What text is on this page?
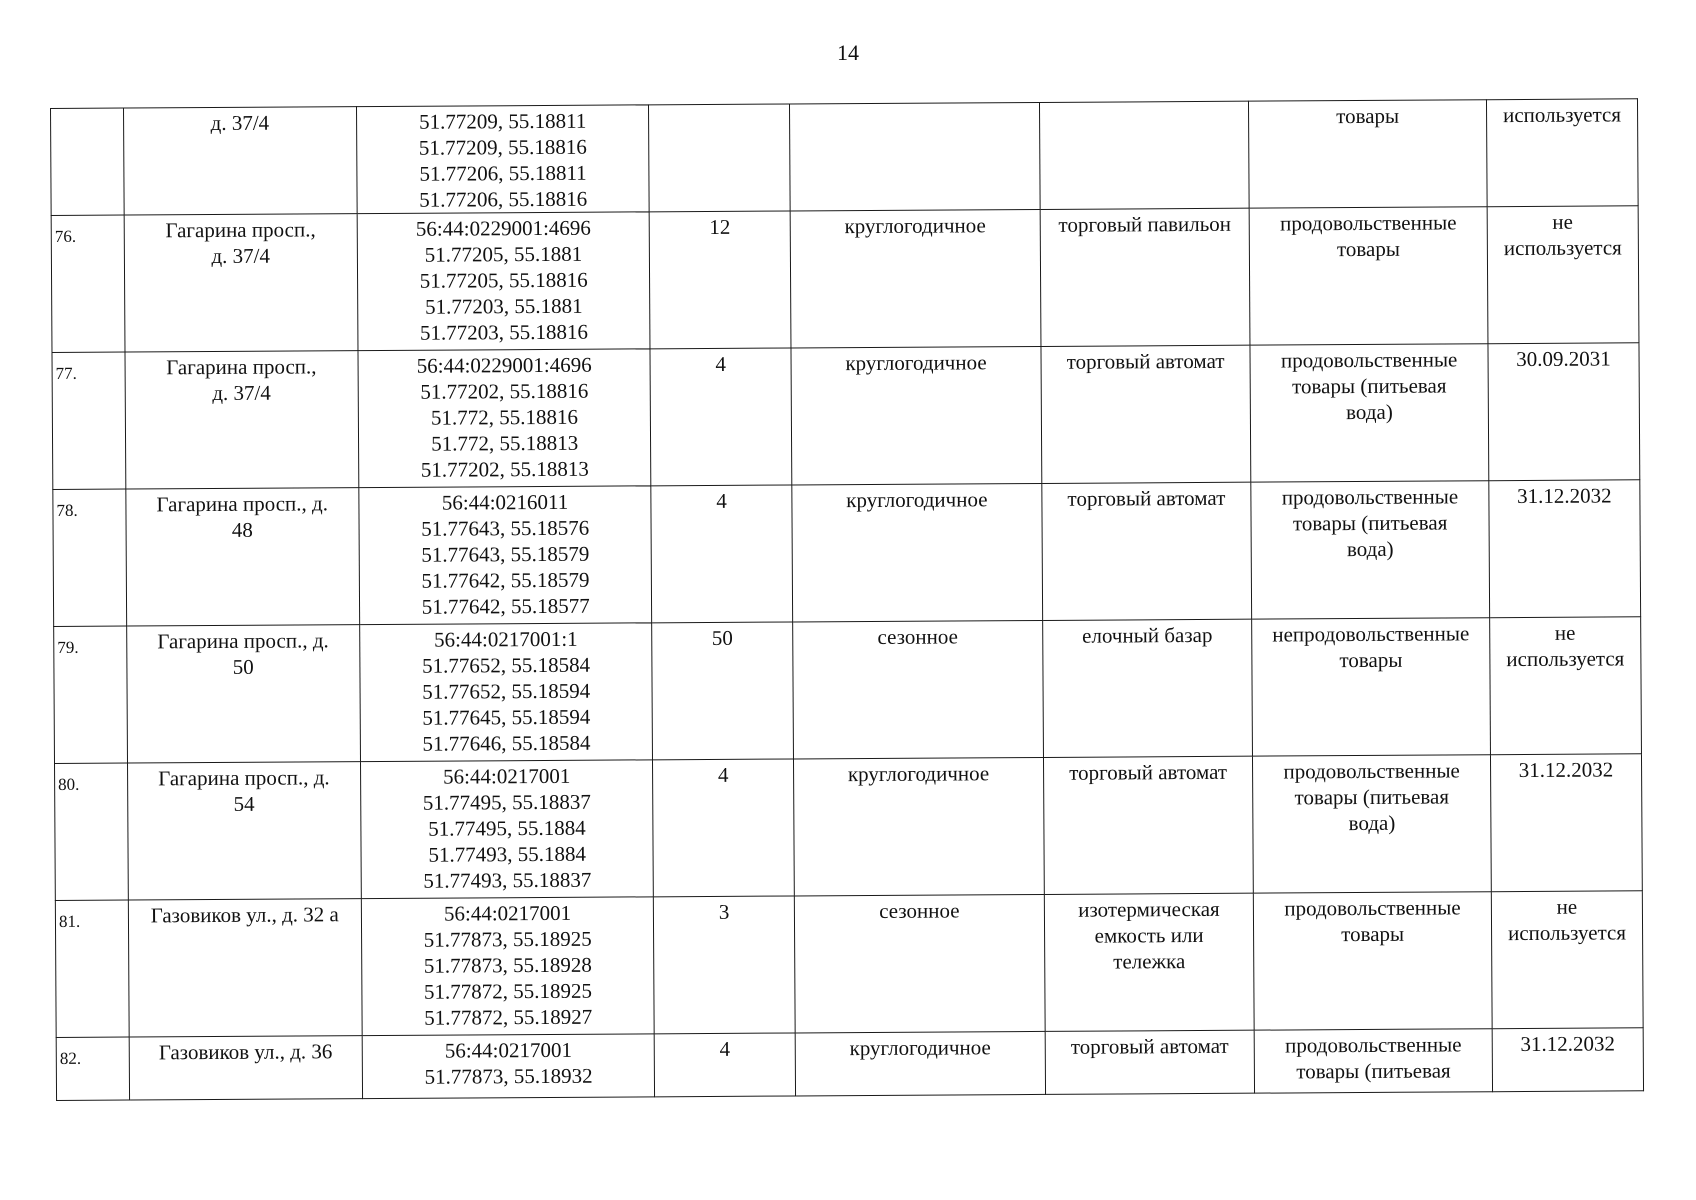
14

	д. 37/4	51.77209, 55.18811
51.77209, 55.18816
51.77206, 55.18811
51.77206, 55.18816				товары	используется

76.	Гагарина просп.,
д. 37/4	56:44:0229001:4696
51.77205, 55.1881
51.77205, 55.18816
51.77203, 55.1881
51.77203, 55.18816	12	круглогодичное	торговый павильон	продовольственные
товары	не
используется

77.	Гагарина просп.,
д. 37/4	56:44:0229001:4696
51.77202, 55.18816
51.772, 55.18816
51.772, 55.18813
51.77202, 55.18813	4	круглогодичное	торговый автомат	продовольственные
товары (питьевая
вода)	30.09.2031

78.	Гагарина просп., д.
48	56:44:0216011
51.77643, 55.18576
51.77643, 55.18579
51.77642, 55.18579
51.77642, 55.18577	4	круглогодичное	торговый автомат	продовольственные
товары (питьевая
вода)	31.12.2032

79.	Гагарина просп., д.
50	56:44:0217001:1
51.77652, 55.18584
51.77652, 55.18594
51.77645, 55.18594
51.77646, 55.18584	50	сезонное	елочный базар	непродовольственные
товары	не
используется

80.	Гагарина просп., д.
54	56:44:0217001
51.77495, 55.18837
51.77495, 55.1884
51.77493, 55.1884
51.77493, 55.18837	4	круглогодичное	торговый автомат	продовольственные
товары (питьевая
вода)	31.12.2032

81.	Газовиков ул., д. 32 а	56:44:0217001
51.77873, 55.18925
51.77873, 55.18928
51.77872, 55.18925
51.77872, 55.18927	3	сезонное	изотермическая
емкость или
тележка	продовольственные
товары	не
используется

82.	Газовиков ул., д. 36	56:44:0217001
51.77873, 55.18932	4	круглогодичное	торговый автомат	продовольственные
товары (питьевая	31.12.2032
